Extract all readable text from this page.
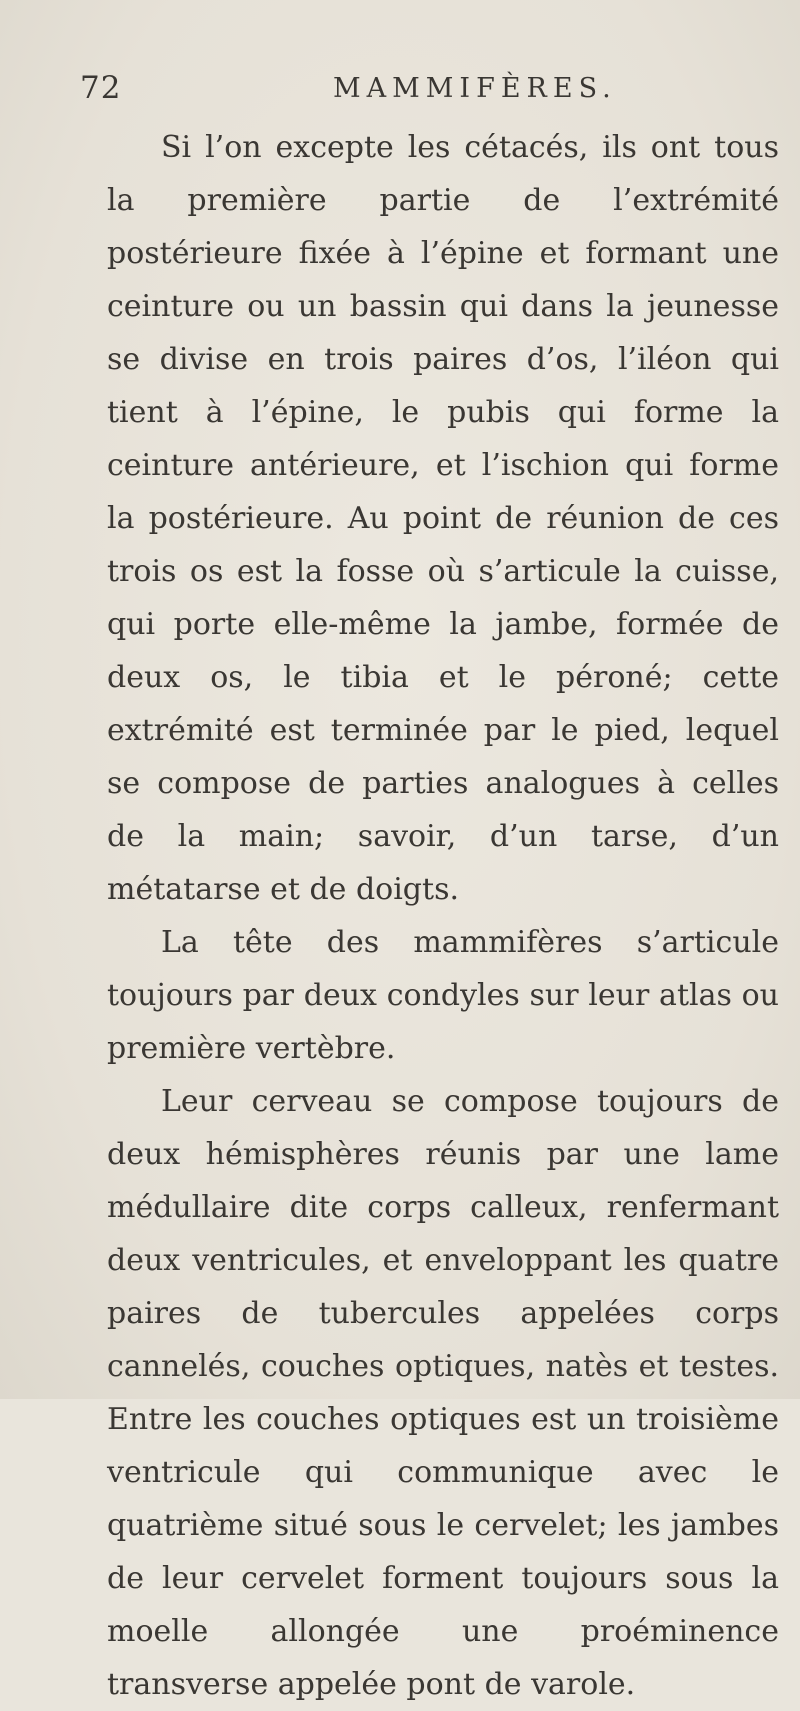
72	MAMMIFÈRES.

Si l’on excepte les cétacés, ils ont tous la première partie de l’extrémité postérieure fixée à l’épine et formant une ceinture ou un bassin qui dans la jeunesse se divise en trois paires d’os, l’iléon qui tient à l’épine, le pubis qui forme la ceinture antérieure, et l’ischion qui forme la postérieure. Au point de réunion de ces trois os est la fosse où s’articule la cuisse, qui porte elle-même la jambe, formée de deux os, le tibia et le péroné; cette extrémité est terminée par le pied, lequel se compose de parties analogues à celles de la main; savoir, d’un tarse, d’un métatarse et de doigts.

La tête des mammifères s’articule toujours par deux condyles sur leur atlas ou première vertèbre.

Leur cerveau se compose toujours de deux hémisphères réunis par une lame médullaire dite corps calleux, renfermant deux ventricules, et enveloppant les quatre paires de tubercules appelées corps cannelés, couches optiques, natès et testes. Entre les couches optiques est un troisième ventricule qui communique avec le quatrième situé sous le cervelet; les jambes de leur cervelet forment toujours sous la moelle allongée une proéminence transverse appelée pont de varole.
